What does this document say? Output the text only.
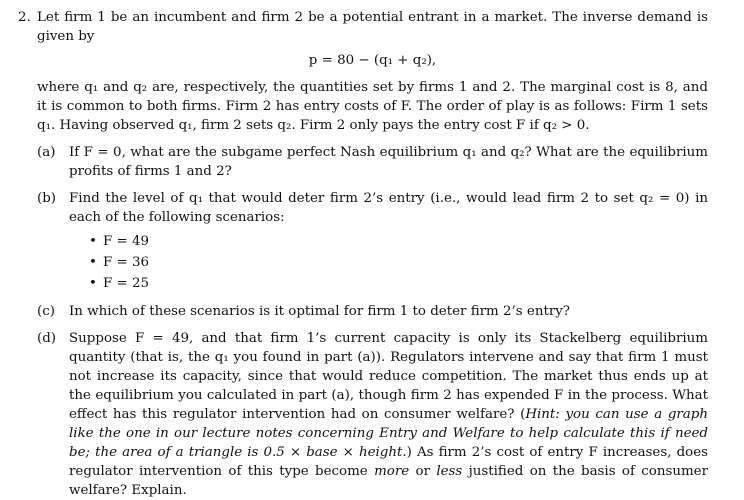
2. Let firm 1 be an incumbent and firm 2 be a potential entrant in a market. The inverse demand is given by

p = 80 − (q₁ + q₂),

where q₁ and q₂ are, respectively, the quantities set by firms 1 and 2. The marginal cost is 8, and it is common to both firms. Firm 2 has entry costs of F. The order of play is as follows: Firm 1 sets q₁. Having observed q₁, firm 2 sets q₂. Firm 2 only pays the entry cost F if q₂ > 0.

(a)	If F = 0, what are the subgame perfect Nash equilibrium q₁ and q₂? What are the equilibrium profits of firms 1 and 2?
(b) Find the level of q₁ that would deter firm 2’s entry (i.e., would lead firm 2 to set q₂ = 0) in each of the following scenarios:
• F = 49
• F = 36
• F = 25
(c)	In which of these scenarios is it optimal for firm 1 to deter firm 2’s entry?
(d) Suppose F = 49, and that firm 1’s current capacity is only its Stackelberg equilibrium quantity (that is, the q₁ you found in part (a)). Regulators intervene and say that firm 1 must not increase its capacity, since that would reduce competition. The market thus ends up at the equilibrium you calculated in part (a), though firm 2 has expended F in the process. What effect has this regulator intervention had on consumer welfare? (Hint: you can use a graph like the one in our lecture notes concerning Entry and Welfare to help calculate this if need be; the area of a triangle is 0.5 × base × height.) As firm 2’s cost of entry F increases, does regulator intervention of this type become more or less justified on the basis of consumer welfare? Explain.
